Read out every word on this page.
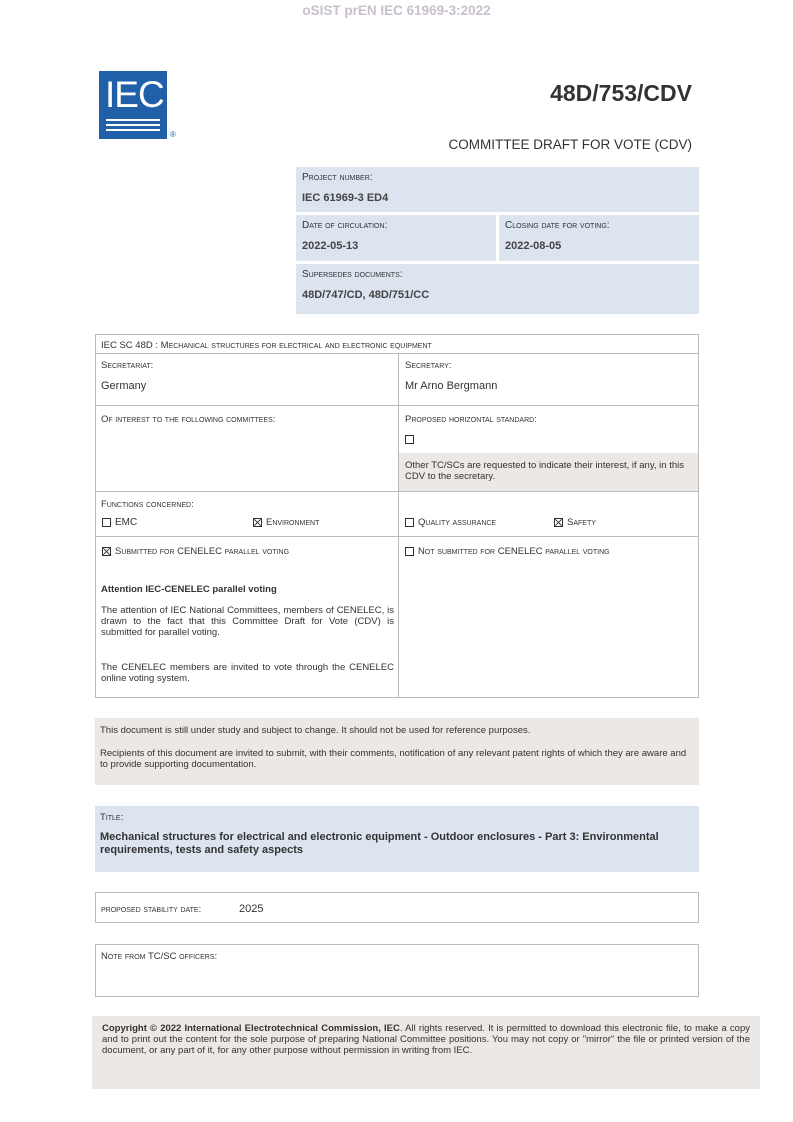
oSIST prEN IEC 61969-3:2022
IEC
®
48D/753/CDV
COMMITTEE DRAFT FOR VOTE (CDV)
Project number:
IEC 61969-3 ED4
Date of circulation:
2022-05-13
Closing date for voting:
2022-08-05
Supersedes documents:
48D/747/CD, 48D/751/CC
IEC SC 48D : Mechanical structures for electrical and electronic equipment
Secretariat:
Germany
Secretary:
Mr Arno Bergmann
Of interest to the following committees:	Proposed horizontal standard:
Other TC/SCs are requested to indicate their interest, if any, in this CDV to the secretary.
Functions concerned:
EMC	Environment	Quality assurance	Safety
Submitted for CENELEC parallel voting	Not submitted for CENELEC parallel voting
Attention IEC-CENELEC parallel voting
The attention of IEC National Committees, members of CENELEC, is drawn to the fact that this Committee Draft for Vote (CDV) is submitted for parallel voting.
The CENELEC members are invited to vote through the CENELEC online voting system.
This document is still under study and subject to change. It should not be used for reference purposes.
Recipients of this document are invited to submit, with their comments, notification of any relevant patent rights of which they are aware and to provide supporting documentation.
Title:
Mechanical structures for electrical and electronic equipment - Outdoor enclosures - Part 3: Environmental requirements, tests and safety aspects
proposed stability date:	2025
Note from TC/SC officers:
Copyright © 2022 International Electrotechnical Commission, IEC. All rights reserved. It is permitted to download this electronic file, to make a copy and to print out the content for the sole purpose of preparing National Committee positions. You may not copy or "mirror" the file or printed version of the document, or any part of it, for any other purpose without permission in writing from IEC.
